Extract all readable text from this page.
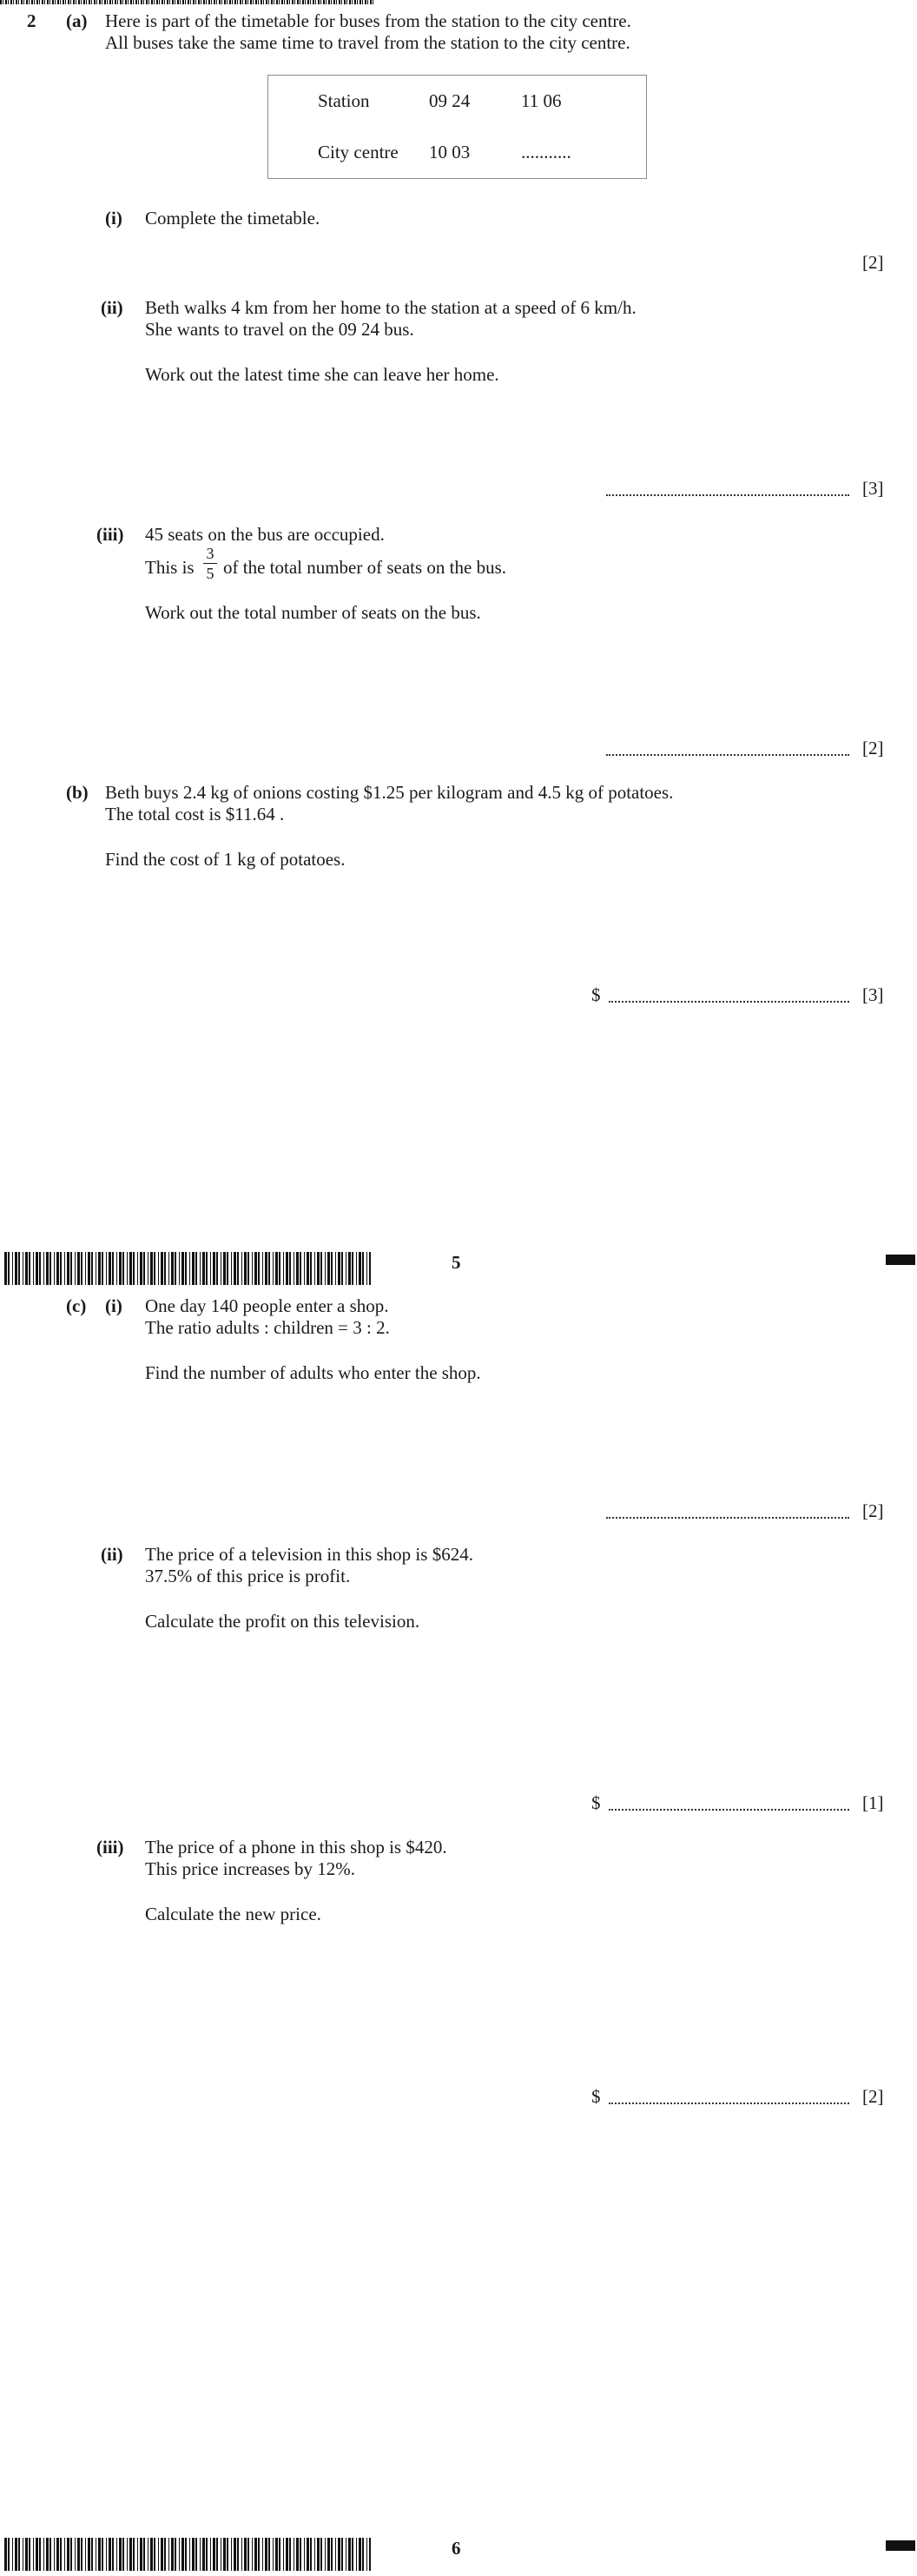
2 (a) Here is part of the timetable for buses from the station to the city centre.
All buses take the same time to travel from the station to the city centre.
Station	09 24	11 06
City centre	10 03	...........
(i) Complete the timetable.
[2]
(ii) Beth walks 4 km from her home to the station at a speed of 6 km/h.
She wants to travel on the 09 24 bus.
Work out the latest time she can leave her home.
[3]
(iii) 45 seats on the bus are occupied.
This is
3
5 of the total number of seats on the bus.
Work out the total number of seats on the bus.
[2]
(b) Beth buys 2.4 kg of onions costing $1.25 per kilogram and 4.5 kg of potatoes.
The total cost is $11.64 .
Find the cost of 1 kg of potatoes.
$	[3]
5
(c) (i) One day 140 people enter a shop.
The ratio adults : children = 3 : 2.
Find the number of adults who enter the shop.
[2]
(ii) The price of a television in this shop is $624.
37.5% of this price is profit.
Calculate the profit on this television.
$	[1]
(iii) The price of a phone in this shop is $420.
This price increases by 12%.
Calculate the new price.
$	[2]
6
